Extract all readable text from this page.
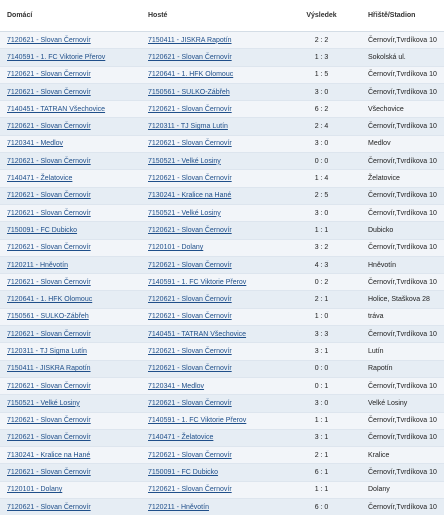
Domácí	Hosté	Výsledek	Hřiště/Stadion
7120621 - Slovan Černovír	7150411 - JISKRA Rapotín	2 : 2	Černovír,Tvrdíkova 10
7140591 - 1. FC Viktorie Přerov	7120621 - Slovan Černovír	1 : 3	Sokolská ul.
7120621 - Slovan Černovír	7120641 - 1. HFK Olomouc	1 : 5	Černovír,Tvrdíkova 10
7120621 - Slovan Černovír	7150561 - SULKO-Zábřeh	3 : 0	Černovír,Tvrdíkova 10
7140451 - TATRAN Všechovice	7120621 - Slovan Černovír	6 : 2	Všechovice
7120621 - Slovan Černovír	7120311 - TJ Sigma Lutín	2 : 4	Černovír,Tvrdíkova 10
7120341 - Medlov	7120621 - Slovan Černovír	3 : 0	Medlov
7120621 - Slovan Černovír	7150521 - Velké Losiny	0 : 0	Černovír,Tvrdíkova 10
7140471 - Želatovice	7120621 - Slovan Černovír	1 : 4	Želatovice
7120621 - Slovan Černovír	7130241 - Kralice na Hané	2 : 5	Černovír,Tvrdíkova 10
7120621 - Slovan Černovír	7150521 - Velké Losiny	3 : 0	Černovír,Tvrdíkova 10
7150091 - FC Dubicko	7120621 - Slovan Černovír	1 : 1	Dubicko
7120621 - Slovan Černovír	7120101 - Dolany	3 : 2	Černovír,Tvrdíkova 10
7120211 - Hněvotín	7120621 - Slovan Černovír	4 : 3	Hněvotín
7120621 - Slovan Černovír	7140591 - 1. FC Viktorie Přerov	0 : 2	Černovír,Tvrdíkova 10
7120641 - 1. HFK Olomouc	7120621 - Slovan Černovír	2 : 1	Holice, Staškova 28
7150561 - SULKO-Zábřeh	7120621 - Slovan Černovír	1 : 0	tráva
7120621 - Slovan Černovír	7140451 - TATRAN Všechovice	3 : 3	Černovír,Tvrdíkova 10
7120311 - TJ Sigma Lutín	7120621 - Slovan Černovír	3 : 1	Lutín
7150411 - JISKRA Rapotín	7120621 - Slovan Černovír	0 : 0	Rapotín
7120621 - Slovan Černovír	7120341 - Medlov	0 : 1	Černovír,Tvrdíkova 10
7150521 - Velké Losiny	7120621 - Slovan Černovír	3 : 0	Velké Losiny
7120621 - Slovan Černovír	7140591 - 1. FC Viktorie Přerov	1 : 1	Černovír,Tvrdíkova 10
7120621 - Slovan Černovír	7140471 - Želatovice	3 : 1	Černovír,Tvrdíkova 10
7130241 - Kralice na Hané	7120621 - Slovan Černovír	2 : 1	Kralice
7120621 - Slovan Černovír	7150091 - FC Dubicko	6 : 1	Černovír,Tvrdíkova 10
7120101 - Dolany	7120621 - Slovan Černovír	1 : 1	Dolany
7120621 - Slovan Černovír	7120211 - Hněvotín	6 : 0	Černovír,Tvrdíkova 10
